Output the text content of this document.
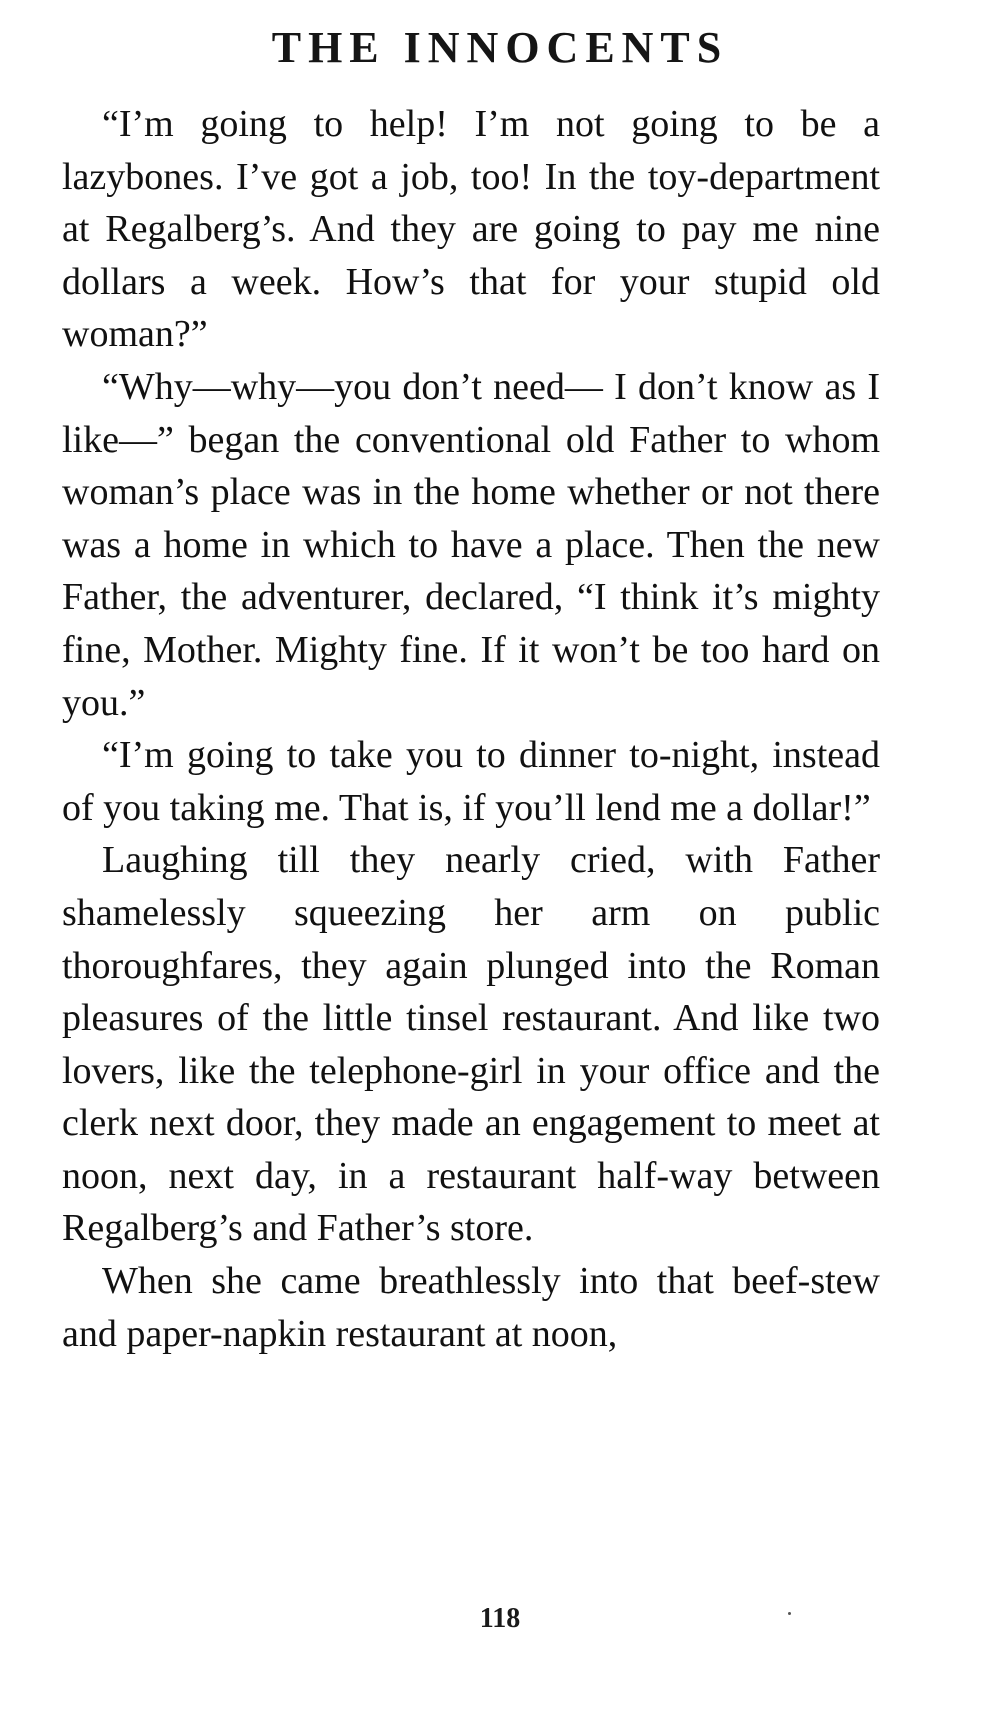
THE INNOCENTS

“I’m going to help! I’m not going to be a lazybones. I’ve got a job, too! In the toy-department at Regalberg’s. And they are going to pay me nine dollars a week. How’s that for your stupid old woman?”

“Why—why—you don’t need— I don’t know as I like—” began the conventional old Father to whom woman’s place was in the home whether or not there was a home in which to have a place. Then the new Father, the adventurer, declared, “I think it’s mighty fine, Mother. Mighty fine. If it won’t be too hard on you.”

“I’m going to take you to dinner to-night, instead of you taking me. That is, if you’ll lend me a dollar!”

Laughing till they nearly cried, with Father shamelessly squeezing her arm on public thoroughfares, they again plunged into the Roman pleasures of the little tinsel restaurant. And like two lovers, like the telephone-girl in your office and the clerk next door, they made an engagement to meet at noon, next day, in a restaurant half-way between Regalberg’s and Father’s store.

When she came breathlessly into that beef-stew and paper-napkin restaurant at noon,

118
